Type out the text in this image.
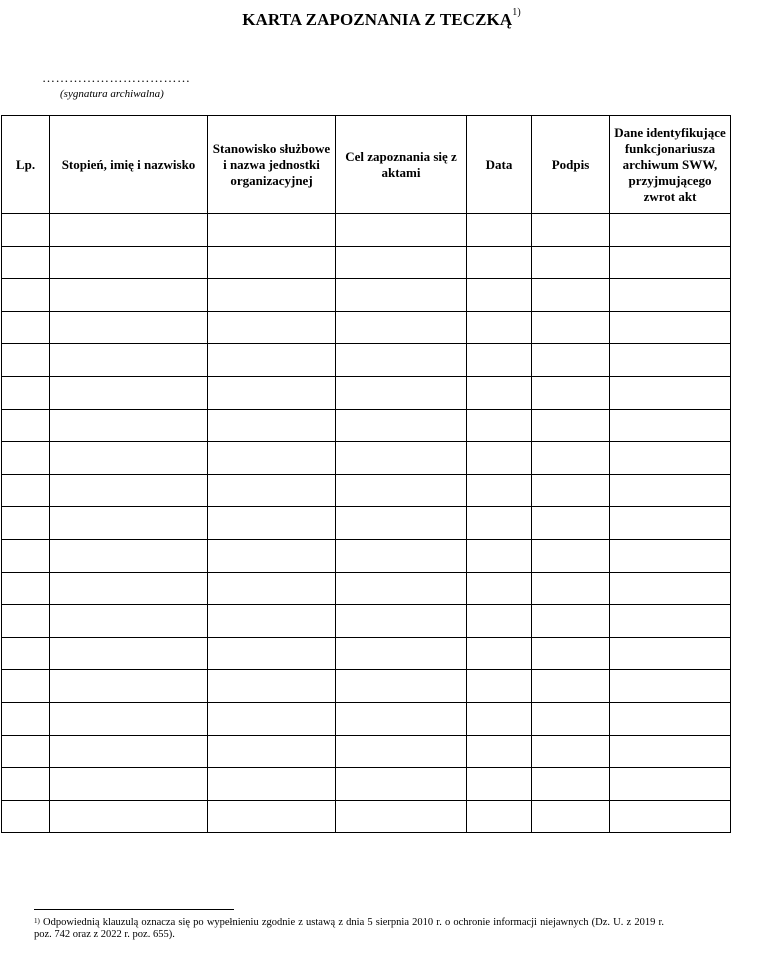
KARTA ZAPOZNANIA Z TECZKĄ$^{1)}$
……………………………
(sygnatura archiwalna)
Lp.	Stopień, imię i nazwisko	Stanowisko służbowe i nazwa jednostki organizacyjnej	Cel zapoznania się z aktami	Data	Podpis	Dane identyfikujące funkcjonariusza archiwum SWW, przyjmującego zwrot akt

$^{1)}$ Odpowiednią klauzulą oznacza się po wypełnieniu zgodnie z ustawą z dnia 5 sierpnia 2010 r. o ochronie informacji niejawnych (Dz. U. z 2019 r. poz. 742 oraz z 2022 r. poz. 655).
